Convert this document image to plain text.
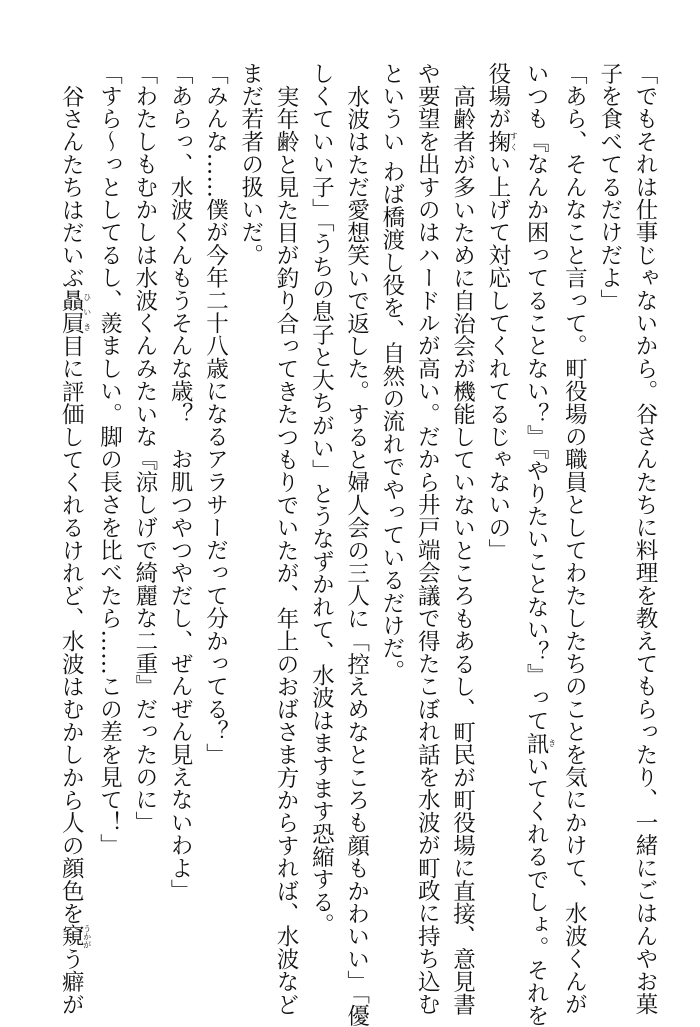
「でもそれは仕事じゃないから。谷さんたちに料理を教えてもらったり、一緒にごはんやお菓
子を食べてるだけだよ」
「あら、そんなこと言って。町役場の職員としてわたしたちのことを気にかけて、水波くんが
いつも『なんか困ってることない？』『やりたいことない？』って訊きいてくれるでしょ。それを
役場が掬すくい上げて対応してくれてるじゃないの」
高齢者が多いために自治会が機能していないところもあるし、町民が町役場に直接、意見書
や要望を出すのはハードルが高い。だから井戸端会議で得たこぼれ話を水波が町政に持ち込む
というい わば橋渡し役を、自然の流れでやっているだけだ。
水波はただ愛想笑いで返した。すると婦人会の三人に「控えめなところも顔もかわいい」「優
しくていい子」「うちの息子と大ちがい」とうなずかれて、水波はますます恐縮する。
実年齢と見た目が釣り合ってきたつもりでいたが、年上のおばさま方からすれば、水波など
まだ若者の扱いだ。
「みんな……僕が今年二十八歳になるアラサーだって分かってる？」
「あらっ、水波くんもうそんな歳？　お肌つやつやだし、ぜんぜん見えないわよ」
「わたしもむかしは水波くんみたいな『涼しげで綺麗な二重』だったのに」
「すら～っとしてるし、羨ましい。脚の長さを比べたら……この差を見て！」
谷さんたちはだいぶ贔屓ひいき目に評価してくれるけれど、水波はむかしから人の顔色を窺うかがう癖が
